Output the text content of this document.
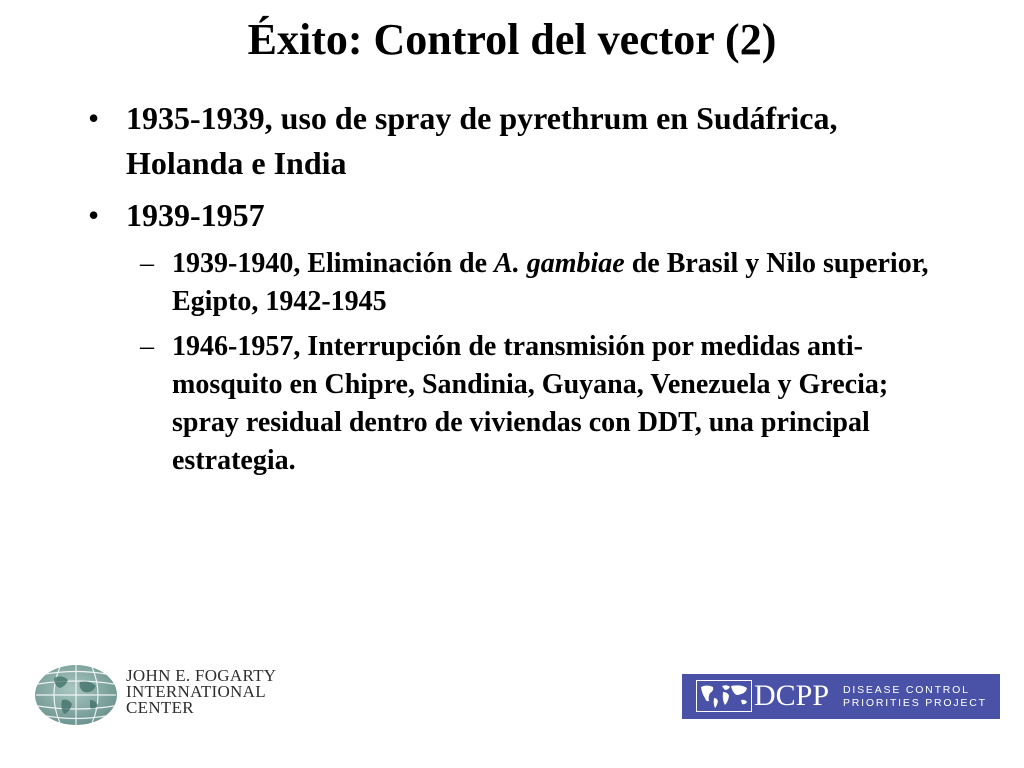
Éxito: Control del vector (2)
• 1935-1939, uso de spray de pyrethrum en Sudáfrica, Holanda e India
• 1939-1957
– 1939-1940, Eliminación de A. gambiae de Brasil y Nilo superior, Egipto, 1942-1945
– 1946-1957, Interrupción de transmisión por medidas anti-mosquito en Chipre, Sandinia, Guyana, Venezuela y Grecia; spray residual dentro de viviendas con DDT, una principal estrategia.
JOHN E. FOGARTY
INTERNATIONAL
CENTER	DCPP DISEASE CONTROL
PRIORITIES PROJECT
